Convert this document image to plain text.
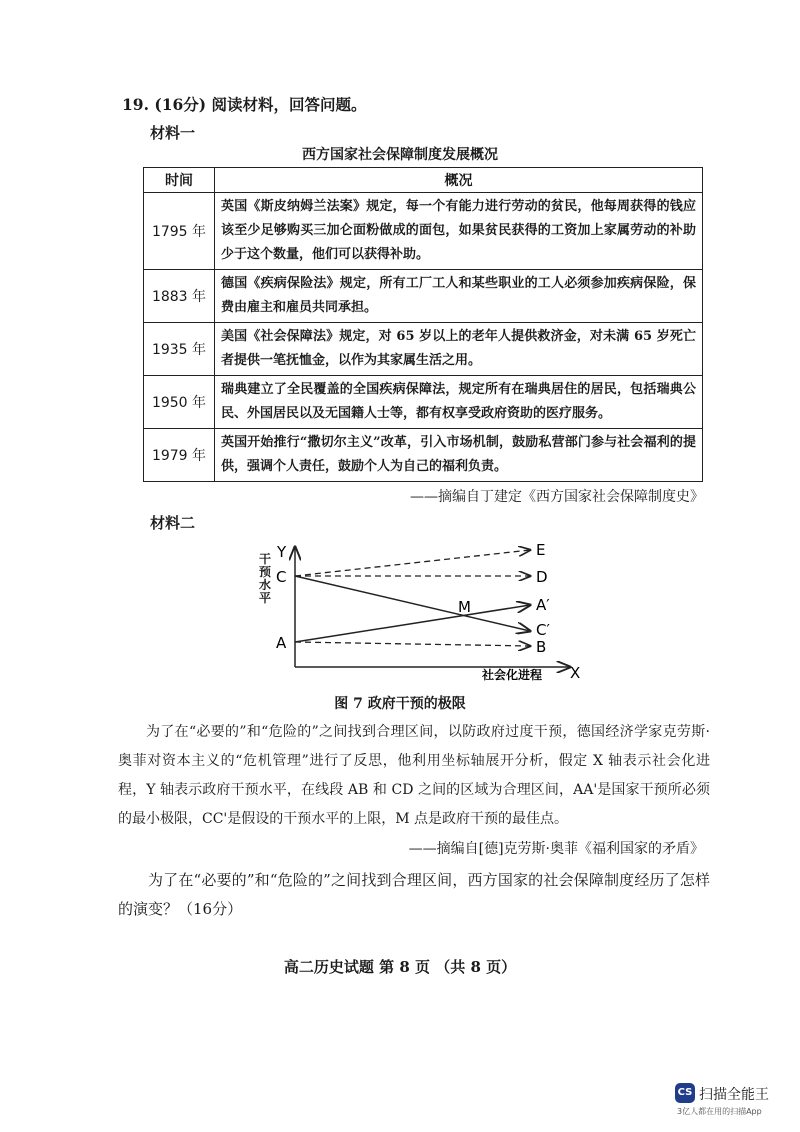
19. (16分) 阅读材料，回答问题。
材料一
西方国家社会保障制度发展概况
时间	概况
1795 年	英国《斯皮纳姆兰法案》规定，每一个有能力进行劳动的贫民，他每周获得的钱应该至少足够购买三加仑面粉做成的面包，如果贫民获得的工资加上家属劳动的补助少于这个数量，他们可以获得补助。
1883 年	德国《疾病保险法》规定，所有工厂工人和某些职业的工人必须参加疾病保险，保费由雇主和雇员共同承担。
1935 年	美国《社会保障法》规定，对 65 岁以上的老年人提供救济金，对未满 65 岁死亡者提供一笔抚恤金，以作为其家属生活之用。
1950 年	瑞典建立了全民覆盖的全国疾病保障法，规定所有在瑞典居住的居民，包括瑞典公民、外国居民以及无国籍人士等，都有权享受政府资助的医疗服务。
1979 年	英国开始推行“撒切尔主义”改革，引入市场机制，鼓励私营部门参与社会福利的提供，强调个人责任，鼓励个人为自己的福利负责。
——摘编自丁建定《西方国家社会保障制度史》
材料二
Y
X
社会化进程
C
A
M
E
D
A′
C′
B
干预水平
图 7 政府干预的极限
为了在“必要的”和“危险的”之间找到合理区间，以防政府过度干预，德国经济学家克劳斯·奥菲对资本主义的“危机管理”进行了反思，他利用坐标轴展开分析，假定 X 轴表示社会化进程，Y 轴表示政府干预水平，在线段 AB 和 CD 之间的区域为合理区间，AA'是国家干预所必须的最小极限，CC'是假设的干预水平的上限，M 点是政府干预的最佳点。
——摘编自[德]克劳斯·奥菲《福利国家的矛盾》
为了在“必要的”和“危险的”之间找到合理区间，西方国家的社会保障制度经历了怎样的演变？（16分）
高二历史试题 第 8 页 （共 8 页）
CS 扫描全能王
3亿人都在用的扫描App
